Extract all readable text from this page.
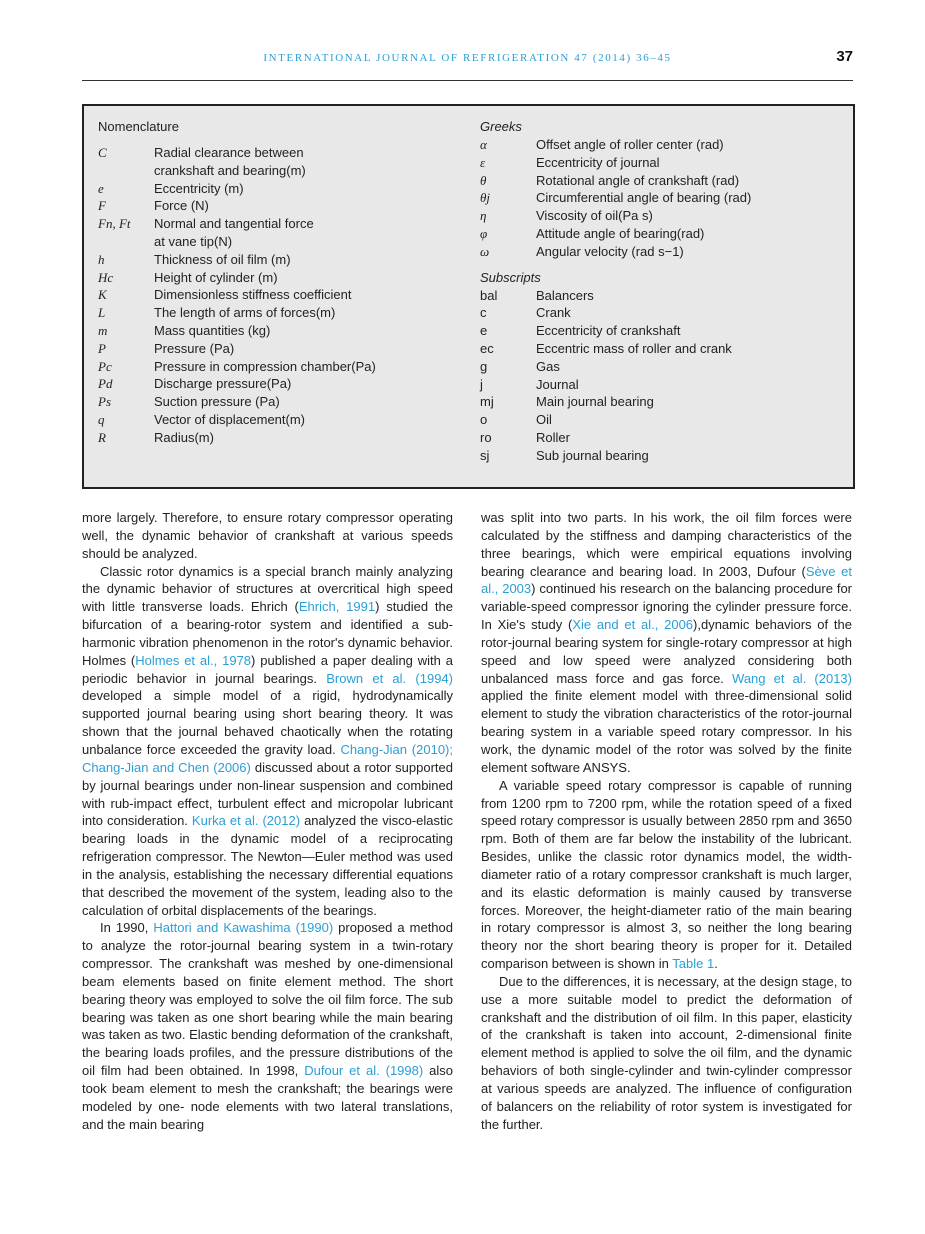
INTERNATIONAL JOURNAL OF REFRIGERATION 47 (2014) 36–45	37
Nomenclature
C	Radial clearance between
crankshaft and bearing(m)
e	Eccentricity (m)
F	Force (N)
Fn, Ft	Normal and tangential force
at vane tip(N)
h	Thickness of oil film (m)
Hc	Height of cylinder (m)
K	Dimensionless stiffness coefficient
L	The length of arms of forces(m)
m	Mass quantities (kg)
P	Pressure (Pa)
Pc	Pressure in compression chamber(Pa)
Pd	Discharge pressure(Pa)
Ps	Suction pressure (Pa)
q	Vector of displacement(m)
R	Radius(m)
Greeks
α	Offset angle of roller center (rad)
ε	Eccentricity of journal
θ	Rotational angle of crankshaft (rad)
θj	Circumferential angle of bearing (rad)
η	Viscosity of oil(Pa s)
φ	Attitude angle of bearing(rad)
ω	Angular velocity (rad s−1)
Subscripts
bal	Balancers
c	Crank
e	Eccentricity of crankshaft
ec	Eccentric mass of roller and crank
g	Gas
j	Journal
mj	Main journal bearing
o	Oil
ro	Roller
sj	Sub journal bearing

more largely. Therefore, to ensure rotary compressor operating well, the dynamic behavior of crankshaft at various speeds should be analyzed.

Classic rotor dynamics is a special branch mainly analyzing the dynamic behavior of structures at overcritical high speed with little transverse loads. Ehrich (Ehrich, 1991) studied the bifurcation of a bearing-rotor system and identified a sub-harmonic vibration phenomenon in the rotor's dynamic behavior. Holmes (Holmes et al., 1978) published a paper dealing with a periodic behavior in journal bearings. Brown et al. (1994) developed a simple model of a rigid, hydrodynamically supported journal bearing using short bearing theory. It was shown that the journal behaved chaotically when the rotating unbalance force exceeded the gravity load. Chang-Jian (2010); Chang-Jian and Chen (2006) discussed about a rotor supported by journal bearings under non-linear suspension and combined with rub-impact effect, turbulent effect and micropolar lubricant into consideration. Kurka et al. (2012) analyzed the visco-elastic bearing loads in the dynamic model of a reciprocating refrigeration compressor. The Newton—Euler method was used in the analysis, establishing the necessary differential equations that described the movement of the system, leading also to the calculation of orbital displacements of the bearings.

In 1990, Hattori and Kawashima (1990) proposed a method to analyze the rotor-journal bearing system in a twin-rotary compressor. The crankshaft was meshed by one-dimensional beam elements based on finite element method. The short bearing theory was employed to solve the oil film force. The sub bearing was taken as one short bearing while the main bearing was taken as two. Elastic bending deformation of the crankshaft, the bearing loads profiles, and the pressure distributions of the oil film had been obtained. In 1998, Dufour et al. (1998) also took beam element to mesh the crankshaft; the bearings were modeled by one- node elements with two lateral translations, and the main bearing

was split into two parts. In his work, the oil film forces were calculated by the stiffness and damping characteristics of the three bearings, which were empirical equations involving bearing clearance and bearing load. In 2003, Dufour (Sève et al., 2003) continued his research on the balancing procedure for variable-speed compressor ignoring the cylinder pressure force. In Xie's study (Xie and et al., 2006),dynamic behaviors of the rotor-journal bearing system for single-rotary compressor at high speed and low speed were analyzed considering both unbalanced mass force and gas force. Wang et al. (2013) applied the finite element model with three-dimensional solid element to study the vibration characteristics of the rotor-journal bearing system in a variable speed rotary compressor. In his work, the dynamic model of the rotor was solved by the finite element software ANSYS.

A variable speed rotary compressor is capable of running from 1200 rpm to 7200 rpm, while the rotation speed of a fixed speed rotary compressor is usually between 2850 rpm and 3650 rpm. Both of them are far below the instability of the lubricant. Besides, unlike the classic rotor dynamics model, the width-diameter ratio of a rotary compressor crankshaft is much larger, and its elastic deformation is mainly caused by transverse forces. Moreover, the height-diameter ratio of the main bearing in rotary compressor is almost 3, so neither the long bearing theory nor the short bearing theory is proper for it. Detailed comparison between is shown in Table 1.

Due to the differences, it is necessary, at the design stage, to use a more suitable model to predict the deformation of crankshaft and the distribution of oil film. In this paper, elasticity of the crankshaft is taken into account, 2-dimensional finite element method is applied to solve the oil film, and the dynamic behaviors of both single-cylinder and twin-cylinder compressor at various speeds are analyzed. The influence of configuration of balancers on the reliability of rotor system is investigated for the further.
